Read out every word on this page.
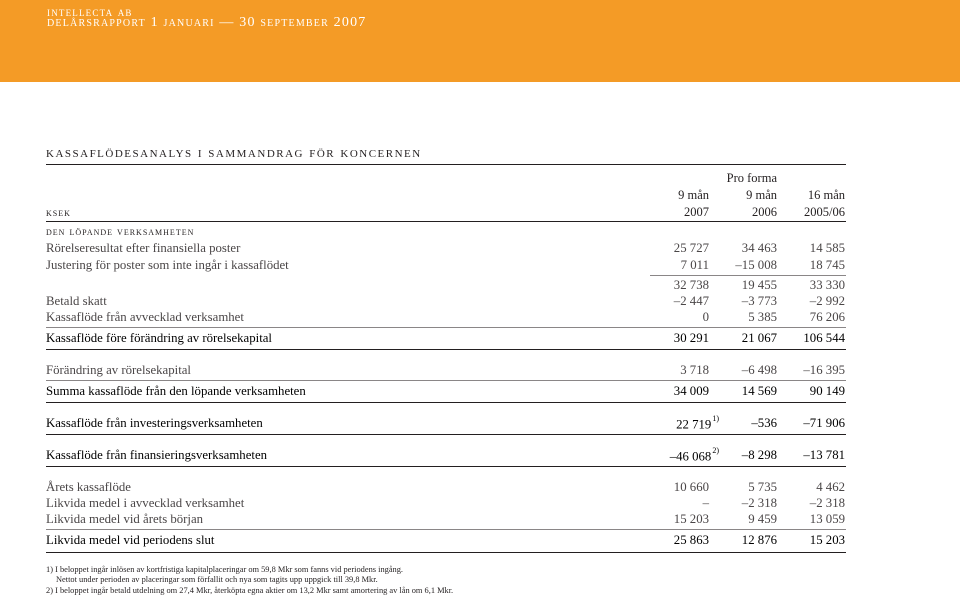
intellecta ab
delårsrapport 1 januari — 30 september 2007
kassaflödesanalys i sammandrag för koncernen
Pro forma
9 mån	9 mån 16 mån
ksek	2007	2006 2005/06
den löpande verksamheten
Rörelseresultat efter finansiella poster	25 727	34 463	14 585
Justering för poster som inte ingår i kassaflödet	7 011	–15 008	18 745
32 738	19 455	33 330
Betald skatt	–2 447	–3 773	–2 992
Kassaflöde från avvecklad verksamhet	0	5 385	76 206
Kassaflöde före förändring av rörelsekapital	30 291	21 067	106 544
Förändring av rörelsekapital	3 718	–6 498	–16 395
Summa kassaflöde från den löpande verksamheten	34 009	14 569	90 149
Kassaflöde från investeringsverksamheten	22 719$^{1)}$	–536	–71 906
Kassaflöde från finansieringsverksamheten	–46 068$^{2)}$	–8 298	–13 781
Årets kassaflöde	10 660	5 735	4 462
Likvida medel i avvecklad verksamhet	–	–2 318	–2 318
Likvida medel vid årets början	15 203	9 459	13 059
Likvida medel vid periodens slut	25 863	12 876	15 203
1) I beloppet ingår inlösen av kortfristiga kapitalplaceringar om 59,8 Mkr som fanns vid periodens ingång.
Nettot under perioden av placeringar som förfallit och nya som tagits upp uppgick till 39,8 Mkr.
2) I beloppet ingår betald utdelning om 27,4 Mkr, återköpta egna aktier om 13,2 Mkr samt amortering av lån om 6,1 Mkr.
